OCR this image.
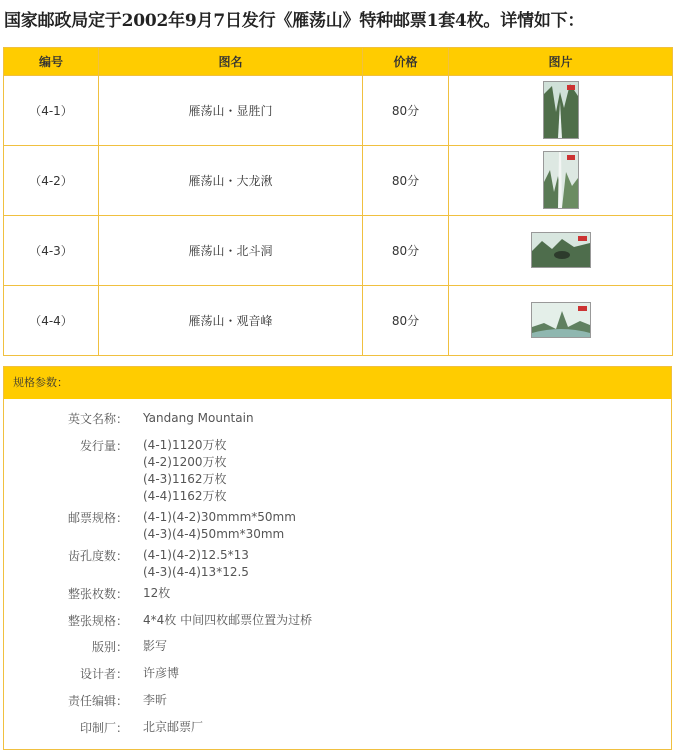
国家邮政局定于2002年9月7日发行《雁荡山》特种邮票1套4枚。详情如下：
编号	图名	价格	图片
（4-1）	雁荡山・显胜门	80分	
（4-2）	雁荡山・大龙湫	80分	
（4-3）	雁荡山・北斗洞	80分	
（4-4）	雁荡山・观音峰	80分	
规格参数：
英文名称： Yandang Mountain
发行量： (4-1)1120万枚
(4-2)1200万枚
(4-3)1162万枚
(4-4)1162万枚
邮票规格： (4-1)(4-2)30mmm*50mm
(4-3)(4-4)50mm*30mm
齿孔度数： (4-1)(4-2)12.5*13
(4-3)(4-4)13*12.5
整张枚数： 12枚
整张规格： 4*4枚 中间四枚邮票位置为过桥
版别： 影写
设计者： 许彦博
责任编辑： 李昕
印制厂： 北京邮票厂
